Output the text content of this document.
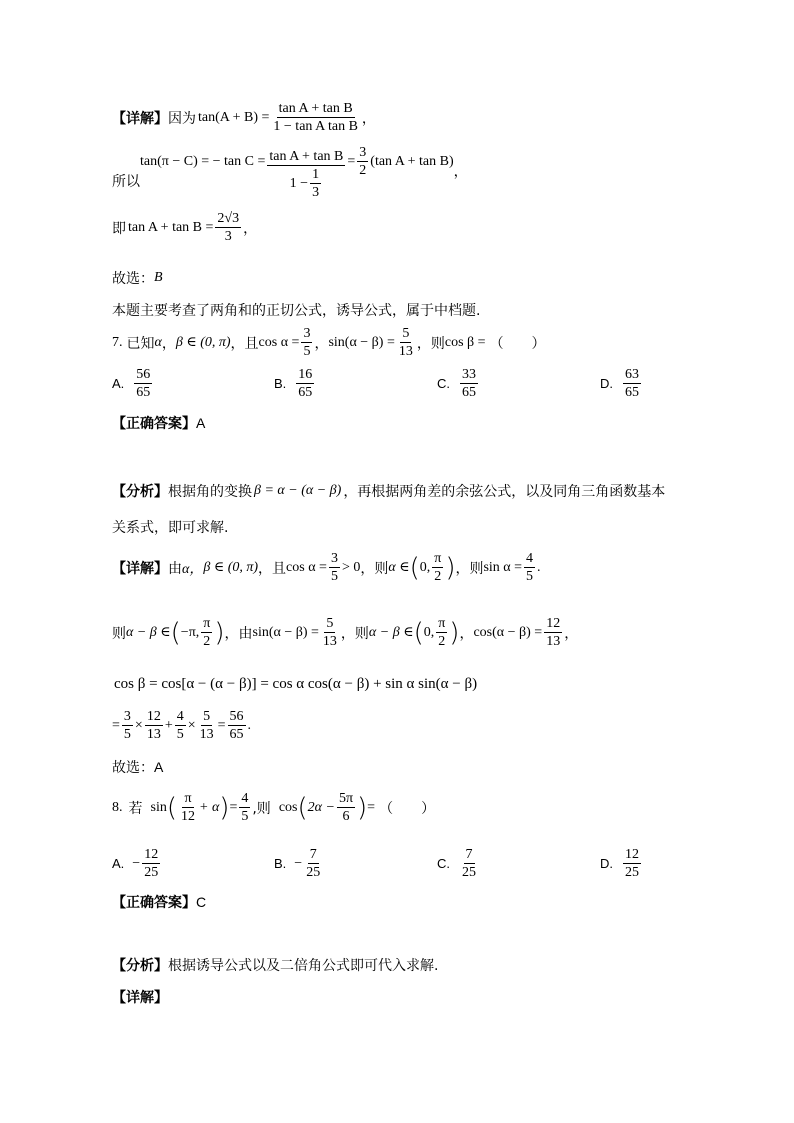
【详解】 因为 $\tan(A + B) = \frac{\text{tan A + tan B}}{\text{1 − tan A tan B}}$ ，
所以
tan(π − C) = − $\tan C = \frac{\text{tan A + tan B}}{1 - \frac{1}{3}} = \frac{3}{2} (\tan$ A + tan B)
，
即 $\tan A + \tan B = \frac{2√3}{3}$ ，
故选： B
本题主要考查了两角和的正切公式，诱导公式，属于中档题.
7. 已知 α ， β ∈ (0, π) ，且 $\cos \alpha = \frac{3}{5}$ ， $\sin(\alpha - \beta) = \frac{5}{13}$ ，则 cos β = （　　）
A. $\frac{56}{65}$	B. $\frac{16}{65}$	C. $\frac{33}{65}$	D. $\frac{63}{65}$
【正确答案】 A
【分析】 根据角的变换 β = α − (α − β) ，再根据两角差的余弦公式，以及同角三角函数基本
关系式，即可求解.
【详解】 由 α， β ∈ (0, π) ，且 $\cos \alpha = \frac{3}{5} > 0$ ，则 α ∈ ( 0, $\frac{\pi}{2}$ ) ，则 $\sin \alpha = \frac{4}{5}$ .
则 α − β ∈ ( −π, $\frac{\pi}{2}$ ) ，由 $\sin(\alpha - \beta) = \frac{5}{13}$ ，则 α − β ∈ ( 0, $\frac{\pi}{2}$ ) ， $\cos(\alpha - \beta) = \frac{12}{13}$ ，
cos β = cos[α − (α − β)] = cos α cos(α − β) + sin α sin(α − β)
= $\frac{3}{5} \times \frac{12}{13} + \frac{4}{5} \times \frac{5}{13} = \frac{56}{65}$ .
故选： A
8. 若 sin ( $\frac{\pi}{12} + \alpha$ ) = $\frac{4}{5}$ ,则 cos ( $2\alpha - \frac{5\pi}{6}$ ) = （　　）
A. − $\frac{12}{25}$	B. − $\frac{7}{25}$	C. $\frac{7}{25}$	D. $\frac{12}{25}$
【正确答案】 C
【分析】 根据诱导公式以及二倍角公式即可代入求解.
【详解】
